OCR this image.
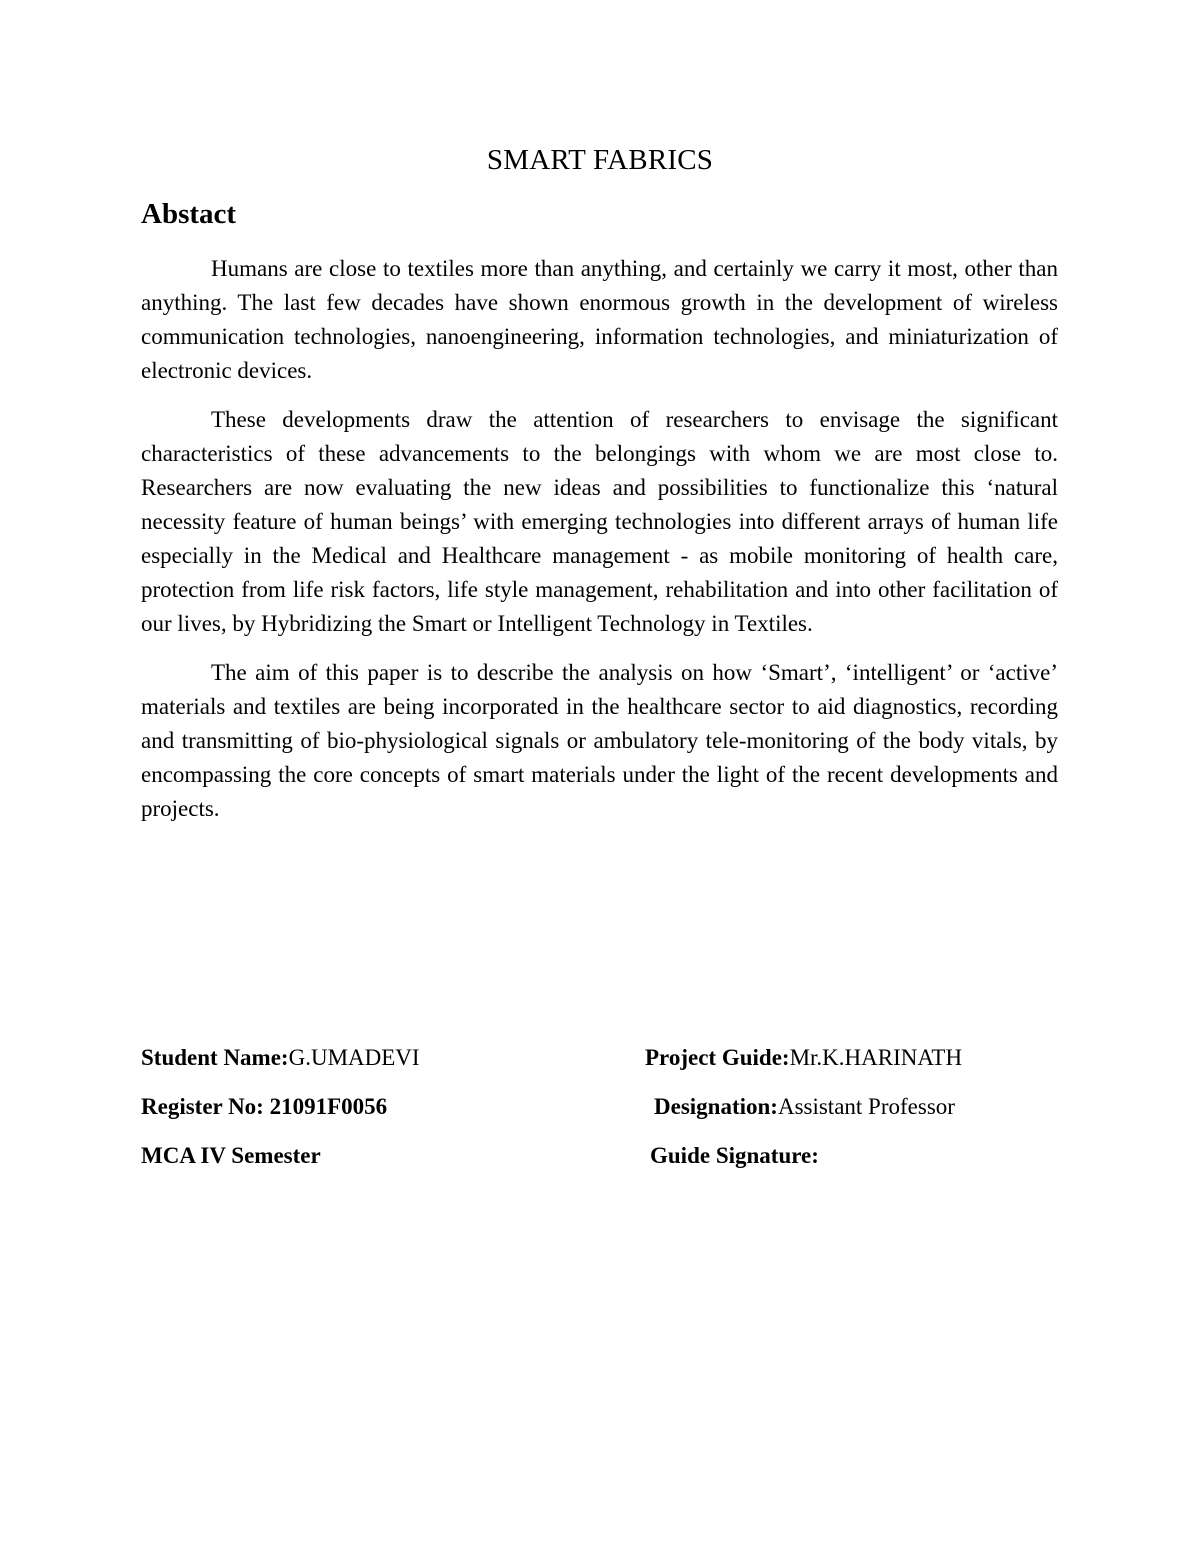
SMART FABRICS
Abstact

Humans are close to textiles more than anything, and certainly we carry it most, other than anything. The last few decades have shown enormous growth in the development of wireless communication technologies, nanoengineering, information technologies, and miniaturization of electronic devices.

These developments draw the attention of researchers to envisage the significant characteristics of these advancements to the belongings with whom we are most close to. Researchers are now evaluating the new ideas and possibilities to functionalize this ‘natural necessity feature of human beings’ with emerging technologies into different arrays of human life especially in the Medical and Healthcare management - as mobile monitoring of health care, protection from life risk factors, life style management, rehabilitation and into other facilitation of our lives, by Hybridizing the Smart or Intelligent Technology in Textiles.

The aim of this paper is to describe the analysis on how ‘Smart’, ‘intelligent’ or ‘active’ materials and textiles are being incorporated in the healthcare sector to aid diagnostics, recording and transmitting of bio-physiological signals or ambulatory tele-monitoring of the body vitals, by encompassing the core concepts of smart materials under the light of the recent developments and projects.

Student Name:G.UMADEVI
Register No: 21091F0056
MCA IV Semester
Project Guide:Mr.K.HARINATH
Designation:Assistant Professor
Guide Signature:
